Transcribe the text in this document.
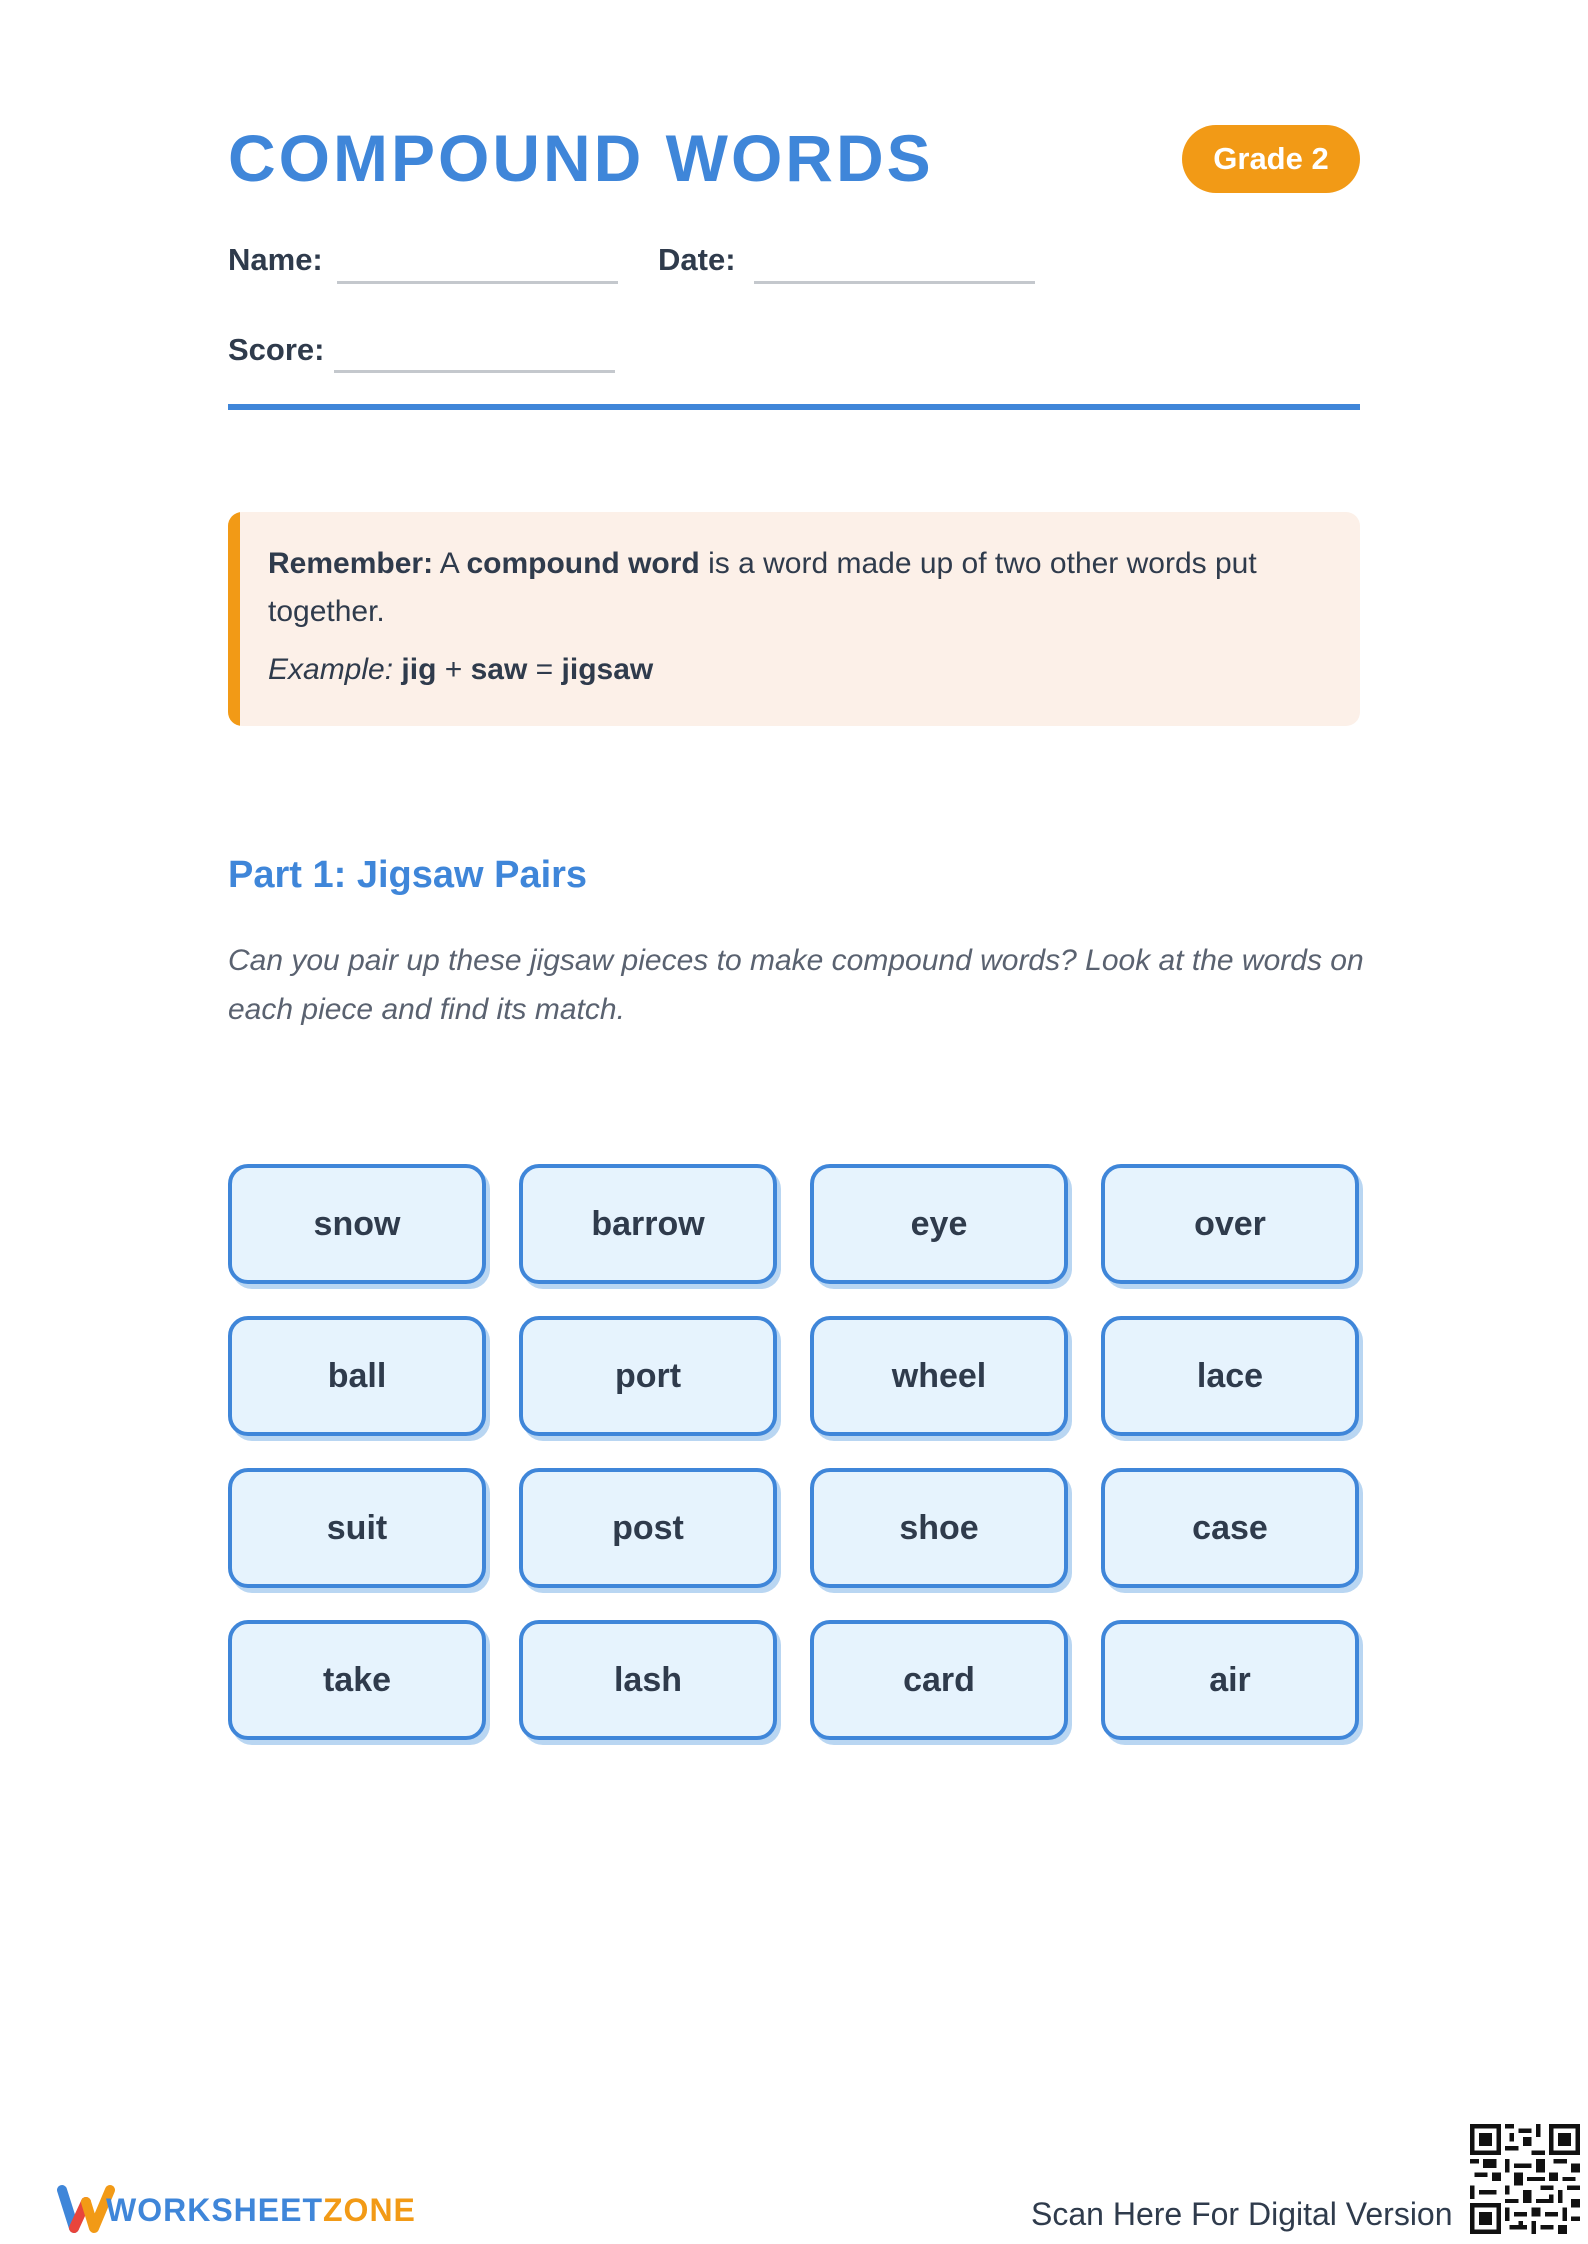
COMPOUND WORDS	Grade 2
Name:	Date:
Score:
Remember: A compound word is a word made up of two other words put together.
Example: jig + saw = jigsaw
Part 1: Jigsaw Pairs
Can you pair up these jigsaw pieces to make compound words? Look at the words on each piece and find its match.
snow	barrow	eye	over
ball	port	wheel	lace
suit	post	shoe	case
take	lash	card	air
WORKSHEETZONE	Scan Here For Digital Version
